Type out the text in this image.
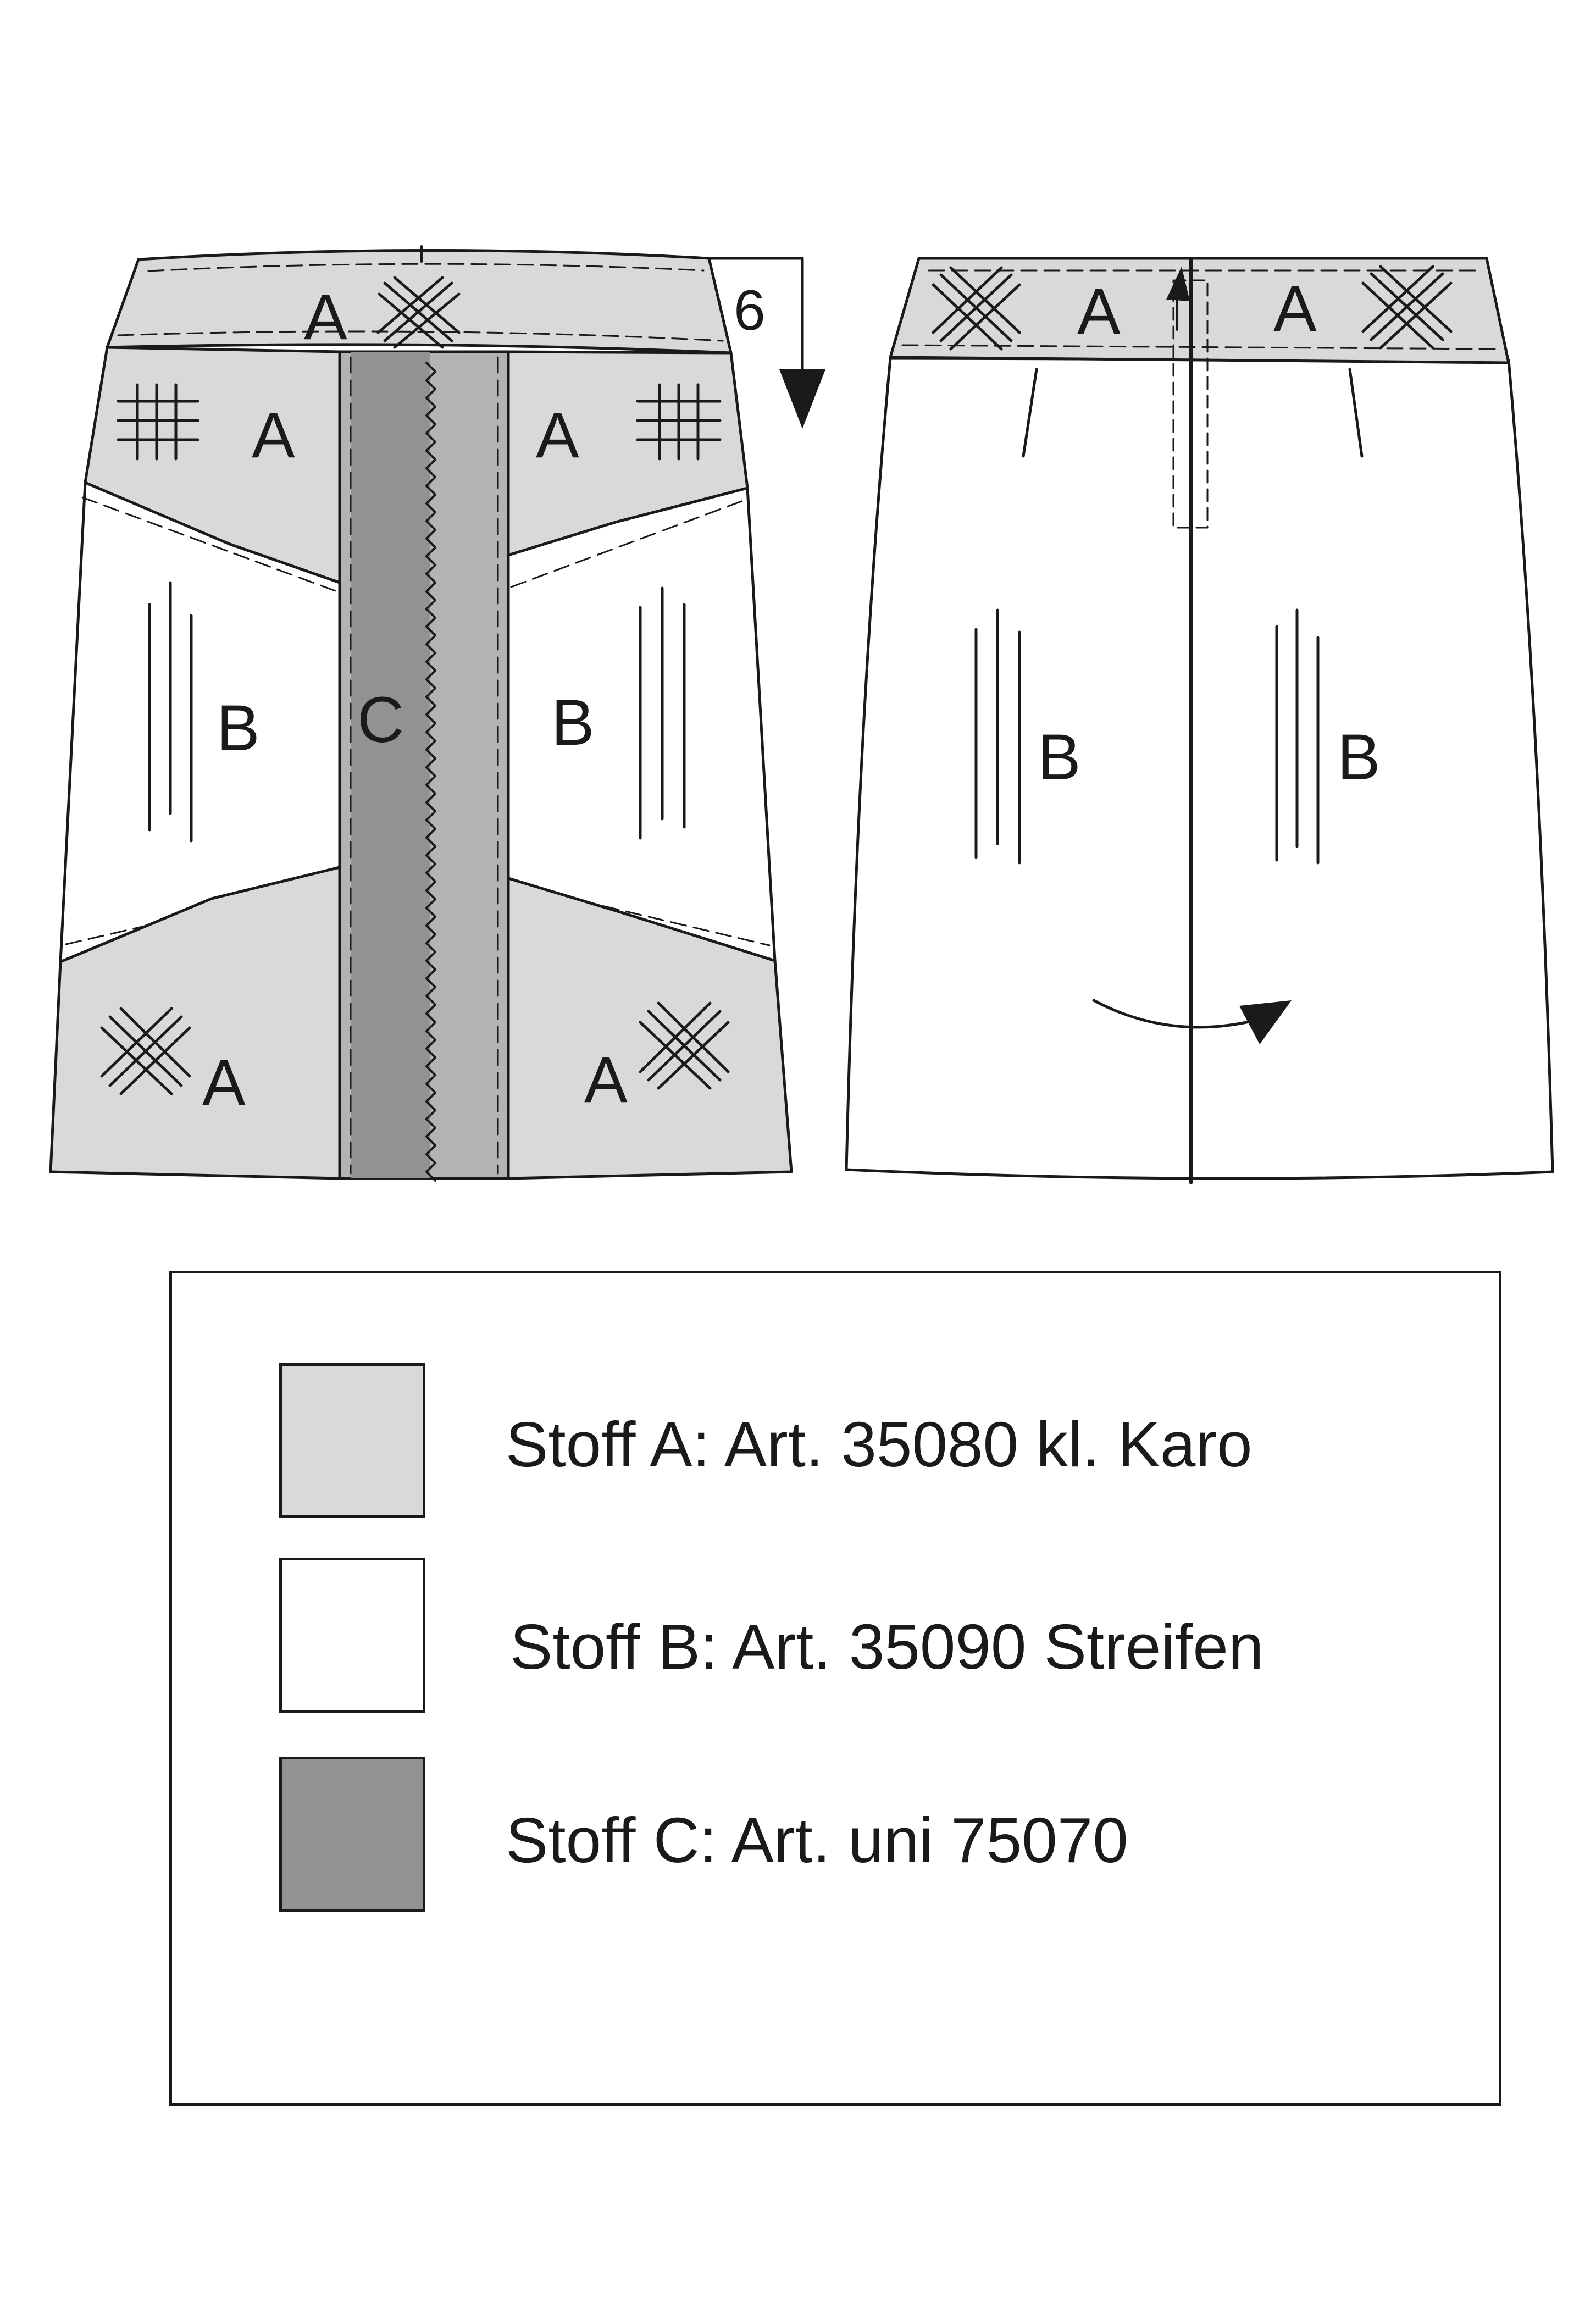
A
A	A
B C B
A	A
6	A A
B	B
Stoff A: Art. 35080 kl. Karo
Stoff B: Art. 35090 Streifen
Stoff C: Art. uni 75070
